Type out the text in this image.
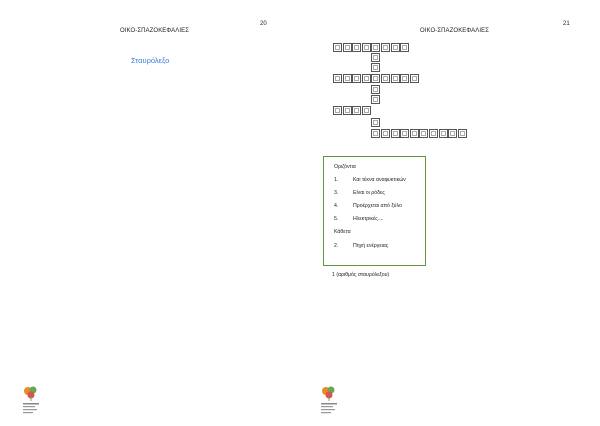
20
ΟΙΚΟ-ΣΠΑΖΟΚΕΦΑΛΙΕΣ
Σταυρόλεξο
21
ΟΙΚΟ-ΣΠΑΖΟΚΕΦΑΛΙΕΣ
Οριζόντια
1.	Και τέκνα αναφυκτικών
3.	Είναι οι ρόδες
4.	Προέρχεται από ξύλο
5.	Ηλεκτρικές....
Κάθετα
2.	Πηγή ενέργειας
1 (αριθμός σταυρόλεξου)
